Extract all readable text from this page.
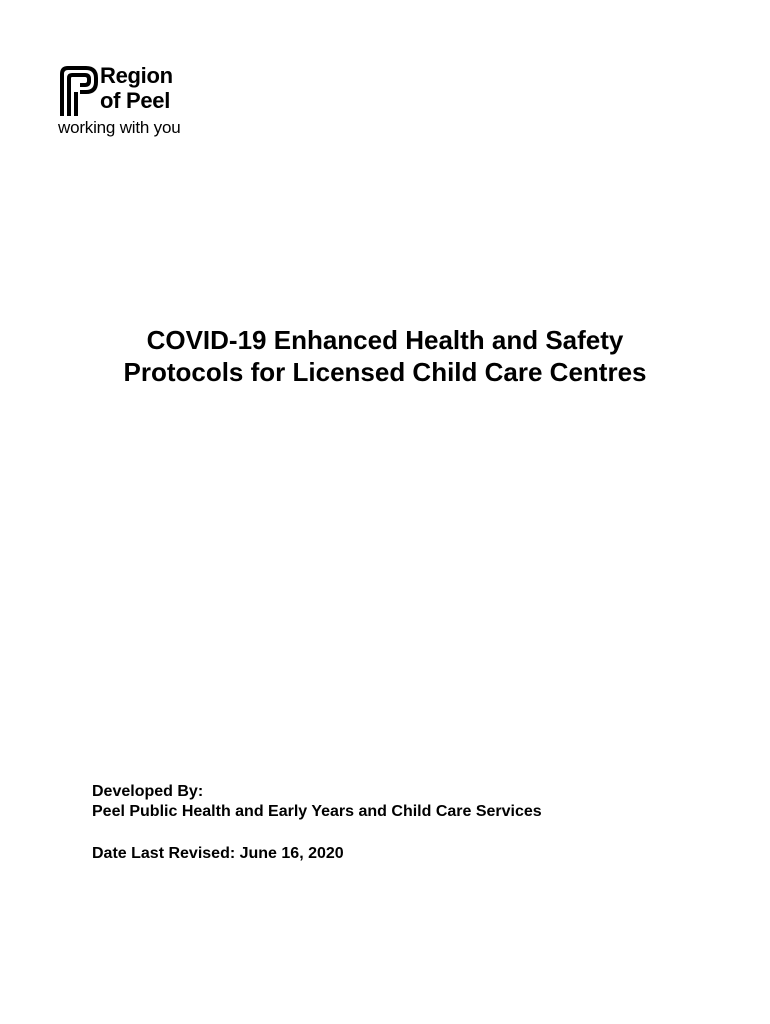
Region
of Peel
working with you
COVID-19 Enhanced Health and Safety
Protocols for Licensed Child Care Centres
Developed By:
Peel Public Health and Early Years and Child Care Services
Date Last Revised: June 16, 2020
